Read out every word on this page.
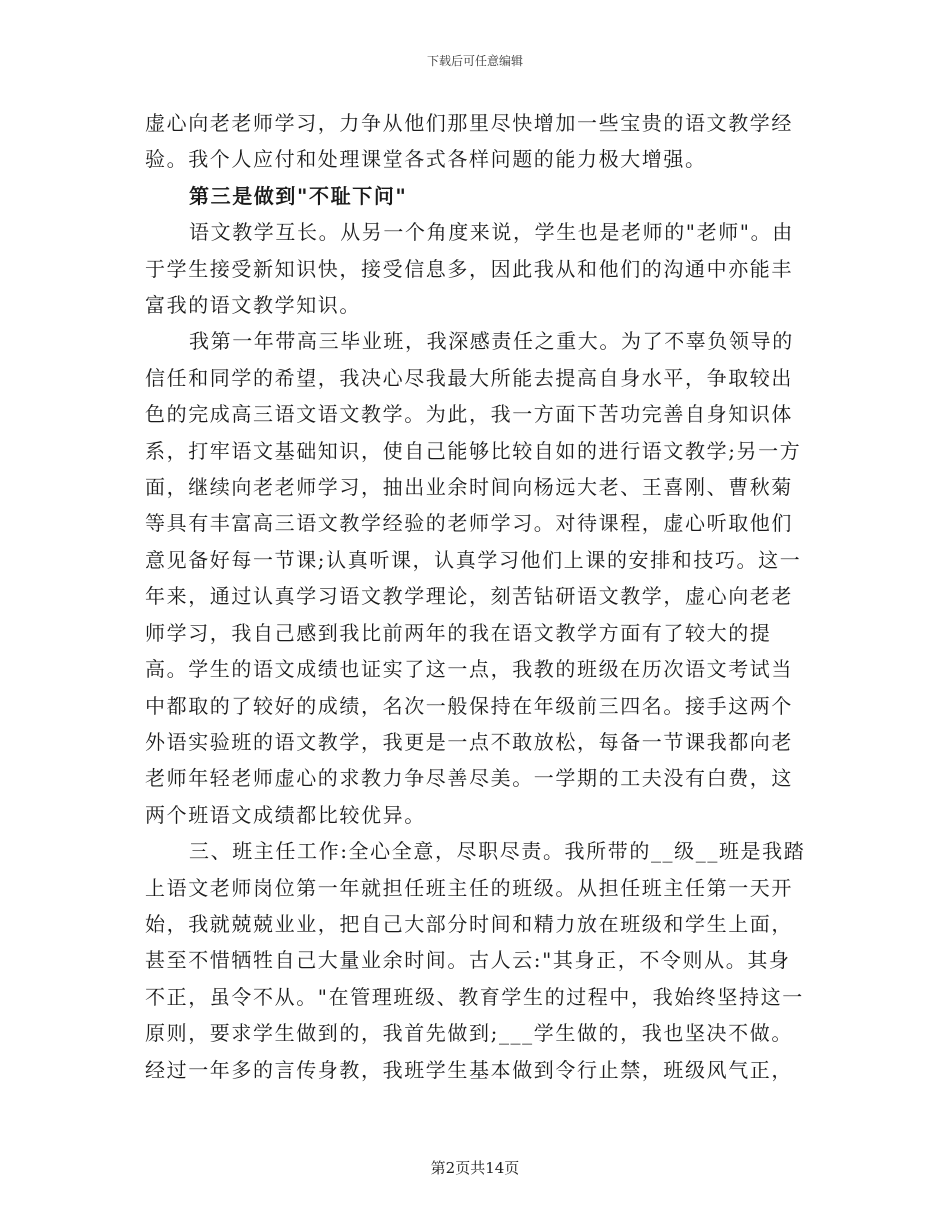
下载后可任意编辑

虚心向老老师学习，力争从他们那里尽快增加一些宝贵的语文教学经验。我个人应付和处理课堂各式各样问题的能力极大增强。

第三是做到"不耻下问"

语文教学互长。从另一个角度来说，学生也是老师的"老师"。由于学生接受新知识快，接受信息多，因此我从和他们的沟通中亦能丰富我的语文教学知识。

我第一年带高三毕业班，我深感责任之重大。为了不辜负领导的信任和同学的希望，我决心尽我最大所能去提高自身水平，争取较出色的完成高三语文语文教学。为此，我一方面下苦功完善自身知识体系，打牢语文基础知识，使自己能够比较自如的进行语文教学;另一方面，继续向老老师学习，抽出业余时间向杨远大老、王喜刚、曹秋菊等具有丰富高三语文教学经验的老师学习。对待课程，虚心听取他们意见备好每一节课;认真听课，认真学习他们上课的安排和技巧。这一年来，通过认真学习语文教学理论，刻苦钻研语文教学，虚心向老老师学习，我自己感到我比前两年的我在语文教学方面有了较大的提高。学生的语文成绩也证实了这一点，我教的班级在历次语文考试当中都取的了较好的成绩，名次一般保持在年级前三四名。接手这两个外语实验班的语文教学，我更是一点不敢放松，每备一节课我都向老老师年轻老师虚心的求教力争尽善尽美。一学期的工夫没有白费，这两个班语文成绩都比较优异。

三、班主任工作:全心全意，尽职尽责。我所带的__级__班是我踏上语文老师岗位第一年就担任班主任的班级。从担任班主任第一天开始，我就兢兢业业，把自己大部分时间和精力放在班级和学生上面，甚至不惜牺牲自己大量业余时间。古人云:"其身正，不令则从。其身不正，虽令不从。"在管理班级、教育学生的过程中，我始终坚持这一原则，要求学生做到的，我首先做到;___学生做的，我也坚决不做。经过一年多的言传身教，我班学生基本做到令行止禁，班级风气正，

第2页共14页
